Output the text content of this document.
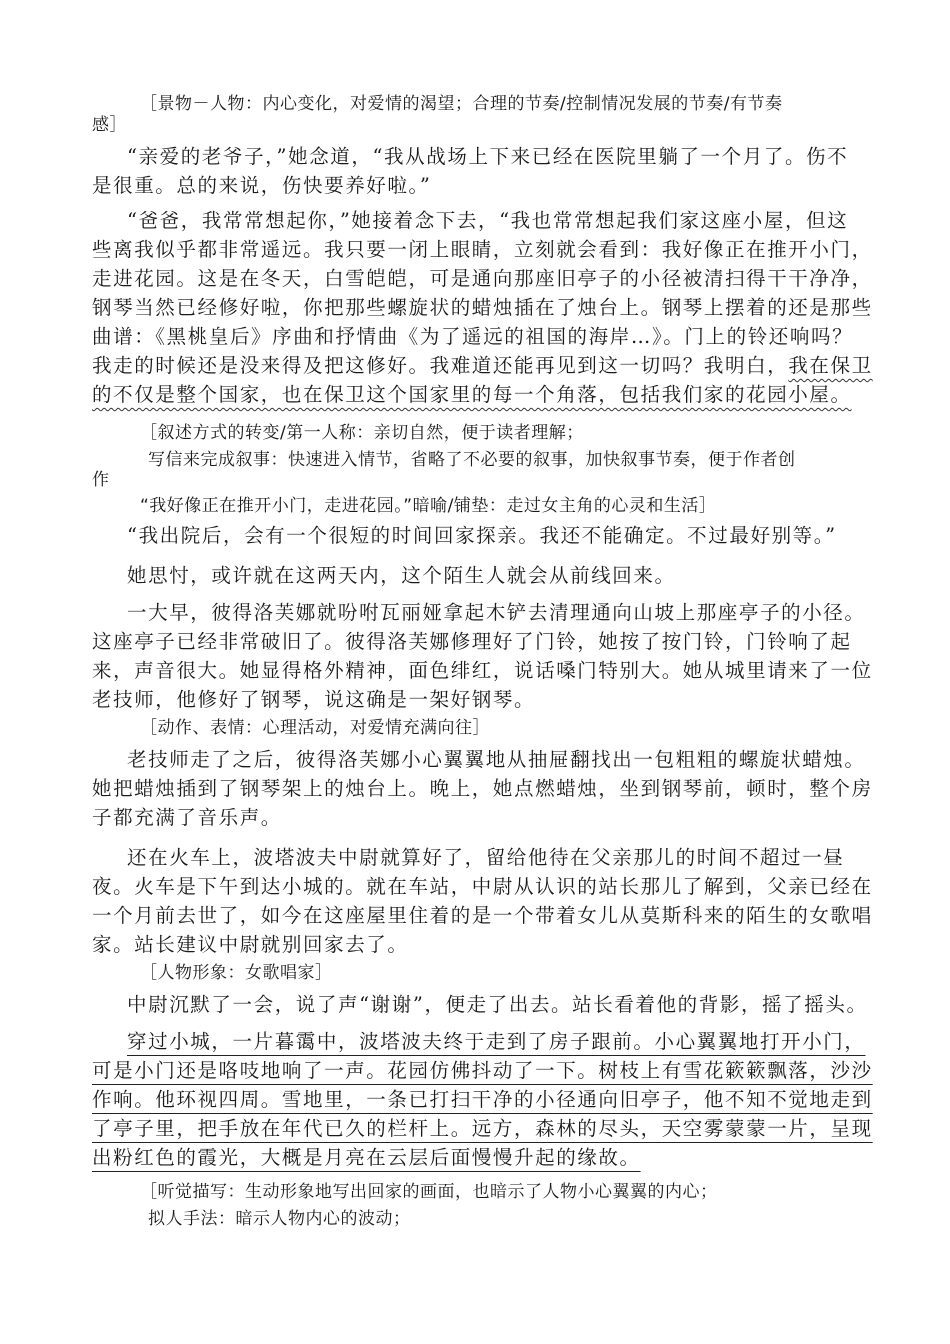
［景物－人物：内心变化，对爱情的渴望；合理的节奏/控制情况发展的节奏/有节奏
感］
“亲爱的老爷子，”她念道，“我从战场上下来已经在医院里躺了一个月了。伤不
是很重。总的来说，伤快要养好啦。”
“爸爸，我常常想起你，”她接着念下去，“我也常常想起我们家这座小屋，但这
些离我似乎都非常遥远。我只要一闭上眼睛，立刻就会看到：我好像正在推开小门，
走进花园。这是在冬天，白雪皑皑，可是通向那座旧亭子的小径被清扫得干干净净，
钢琴当然已经修好啦，你把那些螺旋状的蜡烛插在了烛台上。钢琴上摆着的还是那些
曲谱：《黑桃皇后》序曲和抒情曲《为了遥远的祖国的海岸…》。门上的铃还响吗？
我走的时候还是没来得及把这修好。我难道还能再见到这一切吗？我明白，我在保卫
的不仅是整个国家，也在保卫这个国家里的每一个角落，包括我们家的花园小屋。
［叙述方式的转变/第一人称：亲切自然，便于读者理解；
写信来完成叙事：快速进入情节，省略了不必要的叙事，加快叙事节奏，便于作者创
作
“我好像正在推开小门，走进花园。”暗喻/铺垫：走过女主角的心灵和生活］
“我出院后，会有一个很短的时间回家探亲。我还不能确定。不过最好别等。”
她思忖，或许就在这两天内，这个陌生人就会从前线回来。
一大早，彼得洛芙娜就吩咐瓦丽娅拿起木铲去清理通向山坡上那座亭子的小径。
这座亭子已经非常破旧了。彼得洛芙娜修理好了门铃，她按了按门铃，门铃响了起
来，声音很大。她显得格外精神，面色绯红，说话嗓门特别大。她从城里请来了一位
老技师，他修好了钢琴，说这确是一架好钢琴。
［动作、表情：心理活动，对爱情充满向往］
老技师走了之后，彼得洛芙娜小心翼翼地从抽屉翻找出一包粗粗的螺旋状蜡烛。
她把蜡烛插到了钢琴架上的烛台上。晚上，她点燃蜡烛，坐到钢琴前，顿时，整个房
子都充满了音乐声。
还在火车上，波塔波夫中尉就算好了，留给他待在父亲那儿的时间不超过一昼
夜。火车是下午到达小城的。就在车站，中尉从认识的站长那儿了解到，父亲已经在
一个月前去世了，如今在这座屋里住着的是一个带着女儿从莫斯科来的陌生的女歌唱
家。站长建议中尉就别回家去了。
［人物形象：女歌唱家］
中尉沉默了一会，说了声“谢谢”，便走了出去。站长看着他的背影，摇了摇头。
穿过小城，一片暮霭中，波塔波夫终于走到了房子跟前。小心翼翼地打开小门，
可是小门还是咯吱地响了一声。花园仿佛抖动了一下。树枝上有雪花簌簌飘落，沙沙
作响。他环视四周。雪地里，一条已打扫干净的小径通向旧亭子，他不知不觉地走到
了亭子里，把手放在年代已久的栏杆上。远方，森林的尽头，天空雾蒙蒙一片，呈现
出粉红色的霞光，大概是月亮在云层后面慢慢升起的缘故。
［听觉描写：生动形象地写出回家的画面，也暗示了人物小心翼翼的内心；
拟人手法：暗示人物内心的波动；
